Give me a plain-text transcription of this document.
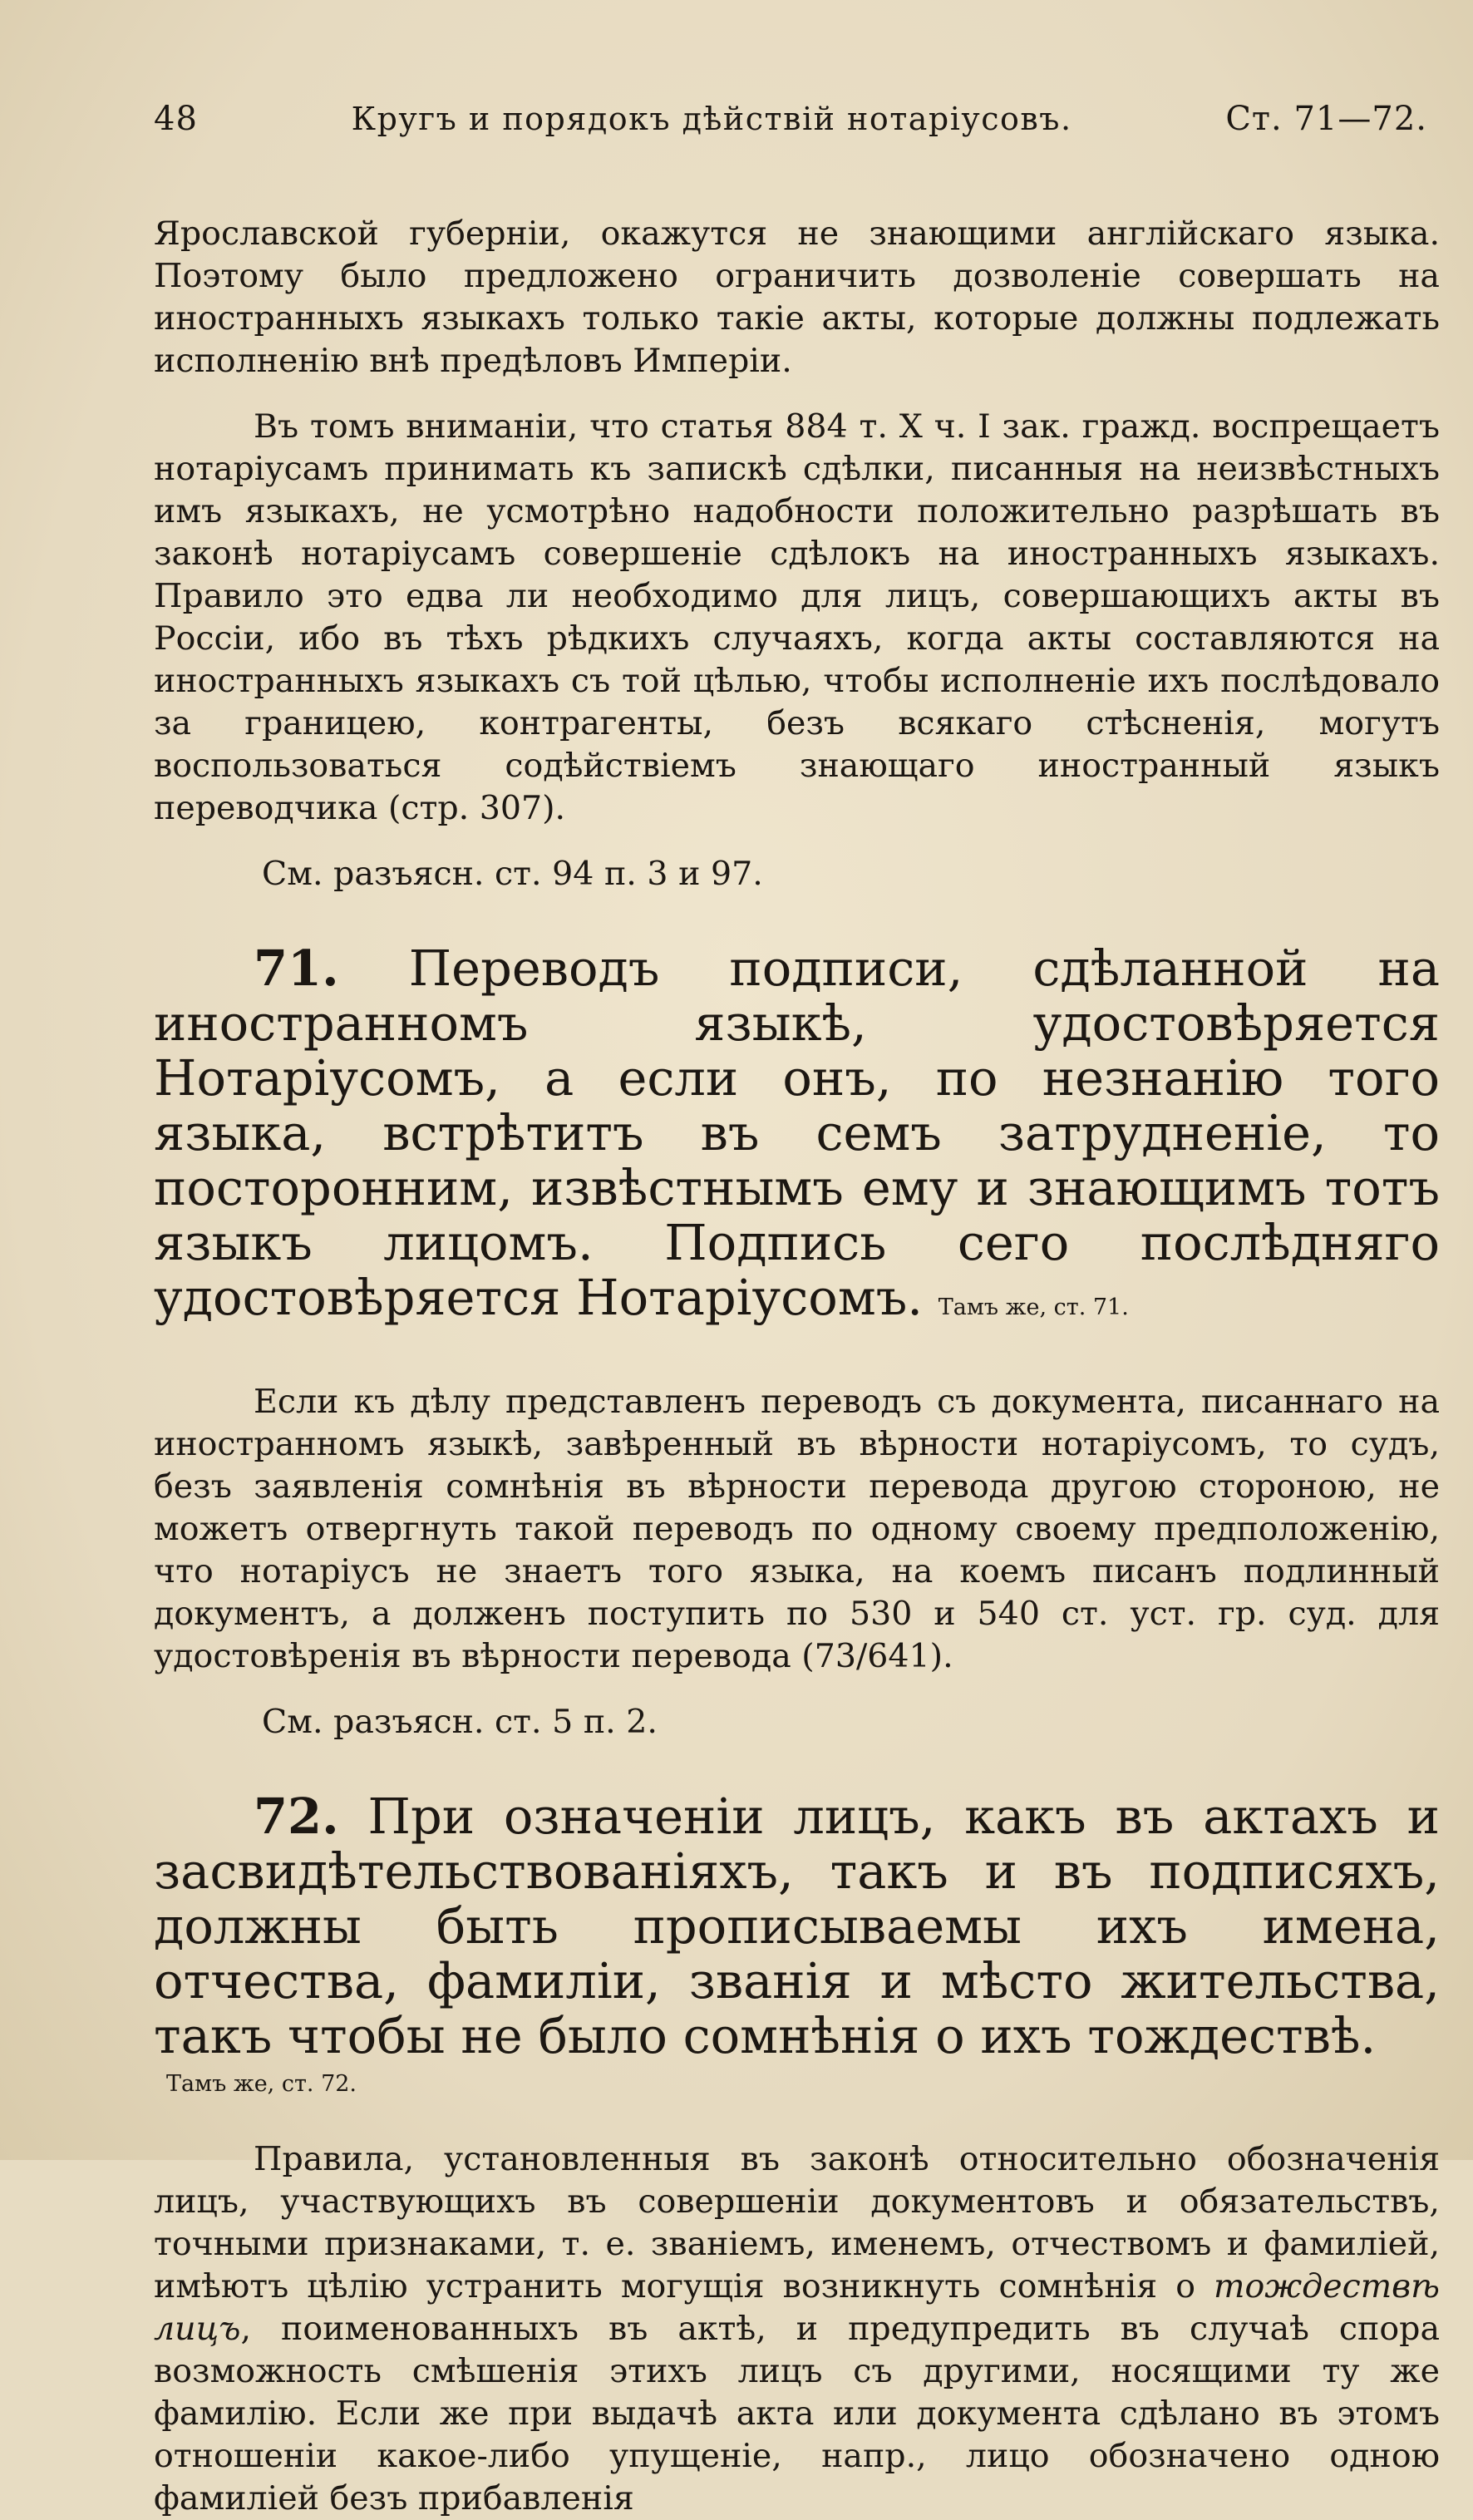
48	Кругъ и порядокъ дѣйствій нотаріусовъ.	Ст. 71—72.

Ярославской губерніи, окажутся не знающими англійскаго языка. Поэтому было предложено ограничить дозволеніе совершать на иностранныхъ языкахъ только такіе акты, которые должны подлежать исполненію внѣ предѣловъ Имперіи.

Въ томъ вниманіи, что статья 884 т. X ч. I зак. гражд. воспрещаетъ нотаріусамъ принимать къ запискѣ сдѣлки, писанныя на неизвѣстныхъ имъ языкахъ, не усмотрѣно надобности положительно разрѣшать въ законѣ нотаріусамъ совершеніе сдѣлокъ на иностранныхъ языкахъ. Правило это едва ли необходимо для лицъ, совершающихъ акты въ Россіи, ибо въ тѣхъ рѣдкихъ случаяхъ, когда акты составляются на иностранныхъ языкахъ съ той цѣлью, чтобы исполненіе ихъ послѣдовало за границею, контрагенты, безъ всякаго стѣсненія, могутъ воспользоваться содѣйствіемъ знающаго иностранный языкъ переводчика (стр. 307).

См. разъясн. ст. 94 п. 3 и 97.

71. Переводъ подписи, сдѣланной на иностранномъ языкѣ, удостовѣряется Нотаріусомъ, а если онъ, по незнанію того языка, встрѣтитъ въ семъ затрудненіе, то посторонним, извѣстнымъ ему и знающимъ тотъ языкъ лицомъ. Подпись сего послѣдняго удостовѣряется Нотаріусомъ. Тамъ же, ст. 71.

Если къ дѣлу представленъ переводъ съ документа, писаннаго на иностранномъ языкѣ, завѣренный въ вѣрности нотаріусомъ, то судъ, безъ заявленія сомнѣнія въ вѣрности перевода другою стороною, не можетъ отвергнуть такой переводъ по одному своему предположенію, что нотаріусъ не знаетъ того языка, на коемъ писанъ подлинный документъ, а долженъ поступить по 530 и 540 ст. уст. гр. суд. для удостовѣренія въ вѣрности перевода (73/641).

См. разъясн. ст. 5 п. 2.

72. При означеніи лицъ, какъ въ актахъ и засвидѣтельствованіяхъ, такъ и въ подписяхъ, должны быть прописываемы ихъ имена, отчества, фамиліи, званія и мѣсто жительства, такъ чтобы не было сомнѣнія о ихъ тождествѣ.

Тамъ же, ст. 72.

Правила, установленныя въ законѣ относительно обозначенія лицъ, участвующихъ въ совершеніи документовъ и обязательствъ, точными признаками, т. е. званіемъ, именемъ, отчествомъ и фамиліей, имѣютъ цѣлію устранить могущія возникнуть сомнѣнія о тождествѣ лицъ, поименованныхъ въ актѣ, и предупредить въ случаѣ спора возможность смѣшенія этихъ лицъ съ другими, носящими ту же фамилію. Если же при выдачѣ акта или документа сдѣлано въ этомъ отношеніи какое-либо упущеніе, напр., лицо обозначено одною фамиліей безъ прибавленія
